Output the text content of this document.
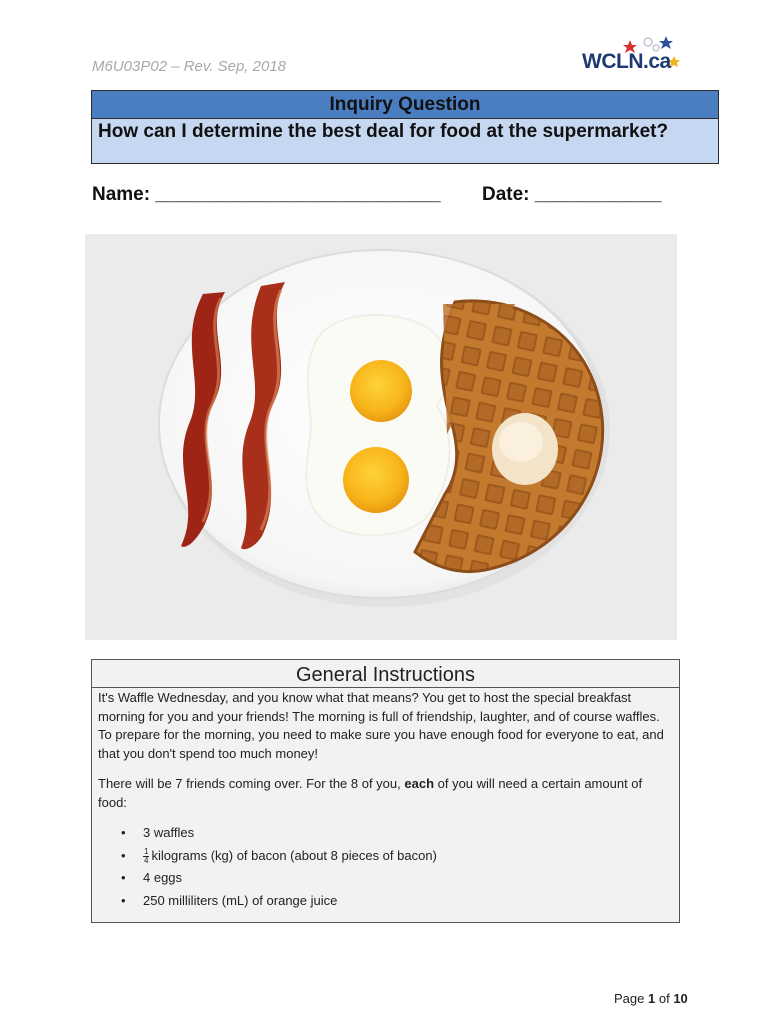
M6U03P02 – Rev. Sep, 2018	WCLN.ca
Inquiry Question
How can I determine the best deal for food at the supermarket?
Name: ___________________________ Date: ____________
General Instructions

It's Waffle Wednesday, and you know what that means? You get to host the special breakfast morning for you and your friends! The morning is full of friendship, laughter, and of course waffles. To prepare for the morning, you need to make sure you have enough food for everyone to eat, and that you don't spend too much money!

There will be 7 friends coming over. For the 8 of you, each of you will need a certain amount of food:

• 3 waffles
• $\frac{1}{4}$ kilograms (kg) of bacon (about 8 pieces of bacon)
• 4 eggs
• 250 milliliters (mL) of orange juice
Page 1 of 10
